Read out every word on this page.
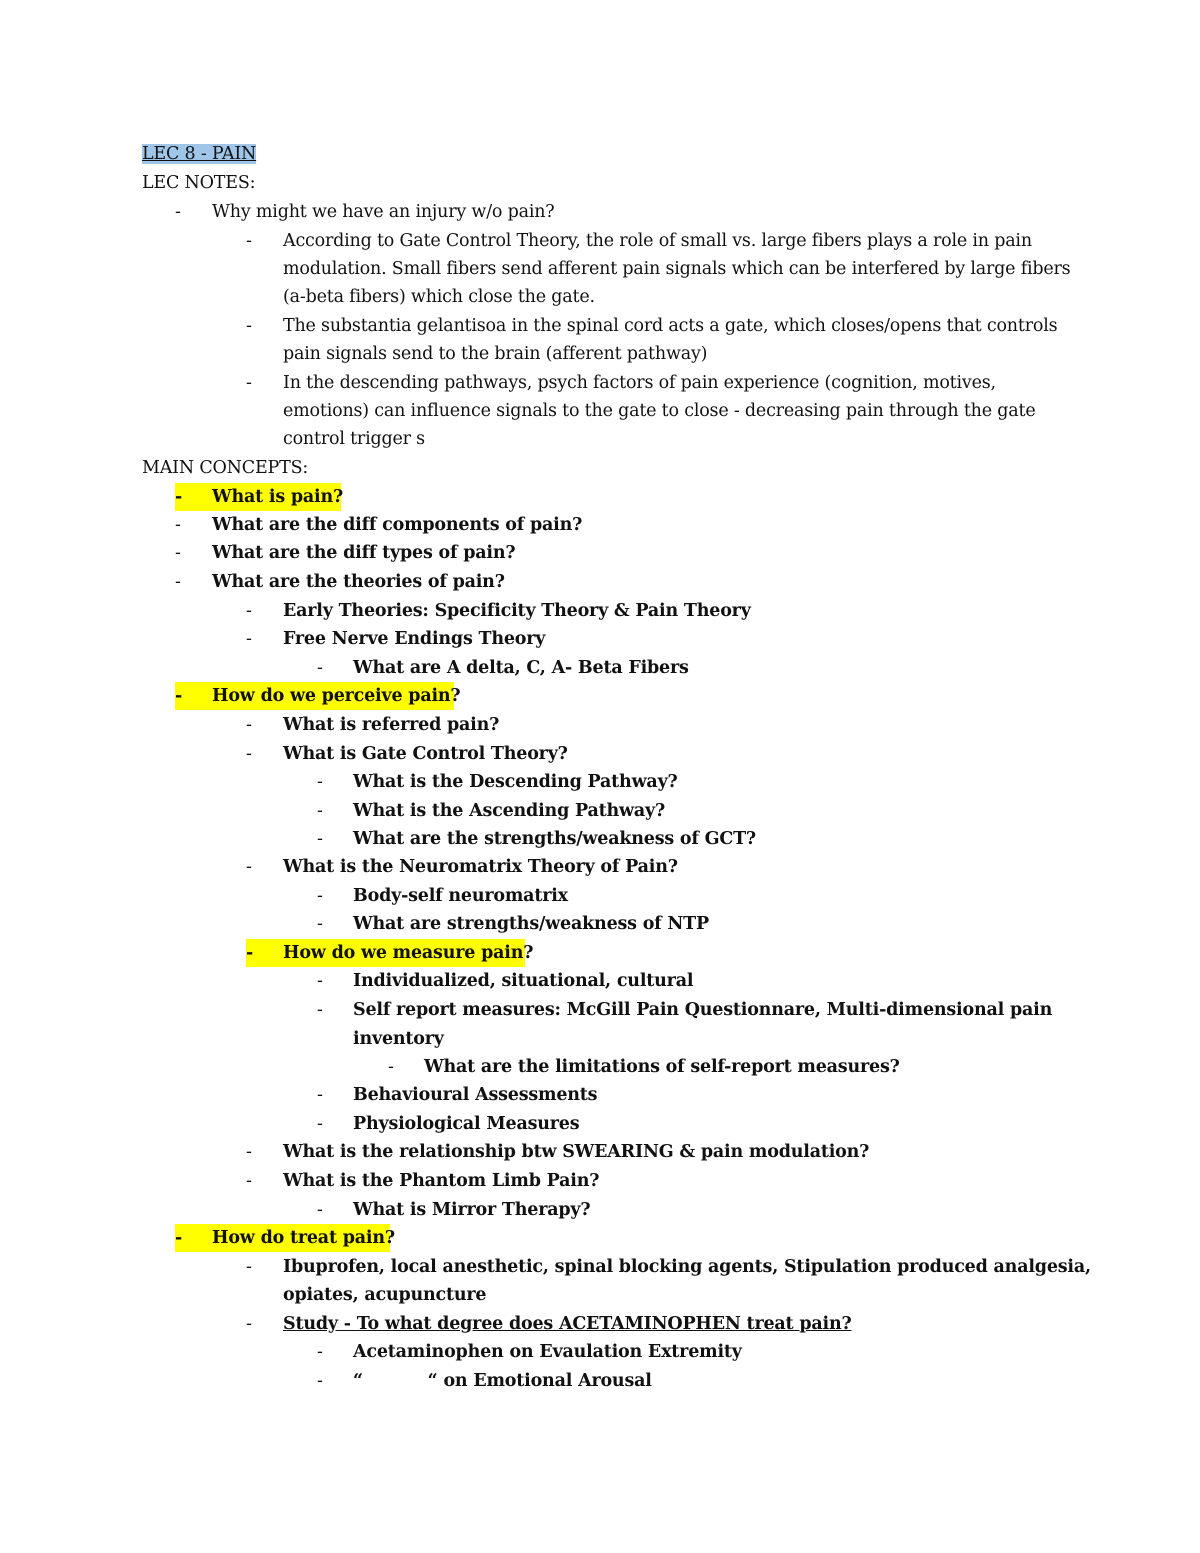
LEC 8 - PAIN
LEC NOTES:
- Why might we have an injury w/o pain?
- According to Gate Control Theory, the role of small vs. large fibers plays a role in pain
modulation. Small fibers send afferent pain signals which can be interfered by large fibers
(a-beta fibers) which close the gate.
- The substantia gelantisoa in the spinal cord acts a gate, which closes/opens that controls
pain signals send to the brain (afferent pathway)
- In the descending pathways, psych factors of pain experience (cognition, motives,
emotions) can influence signals to the gate to close - decreasing pain through the gate
control trigger s
MAIN CONCEPTS:
- What is pain?
- What are the diff components of pain?
- What are the diff types of pain?
- What are the theories of pain?
- Early Theories: Specificity Theory & Pain Theory
- Free Nerve Endings Theory
- What are A delta, C, A- Beta Fibers
- How do we perceive pain?
- What is referred pain?
- What is Gate Control Theory?
- What is the Descending Pathway?
- What is the Ascending Pathway?
- What are the strengths/weakness of GCT?
- What is the Neuromatrix Theory of Pain?
- Body-self neuromatrix
- What are strengths/weakness of NTP
- How do we measure pain?
- Individualized, situational, cultural
- Self report measures: McGill Pain Questionnare, Multi-dimensional pain
inventory
- What are the limitations of self-report measures?
- Behavioural Assessments
- Physiological Measures
- What is the relationship btw SWEARING & pain modulation?
- What is the Phantom Limb Pain?
- What is Mirror Therapy?
- How do treat pain?
- Ibuprofen, local anesthetic, spinal blocking agents, Stipulation produced analgesia,
opiates, acupuncture
- Study - To what degree does ACETAMINOPHEN treat pain?
- Acetaminophen on Evaulation Extremity
- “           “ on Emotional Arousal
